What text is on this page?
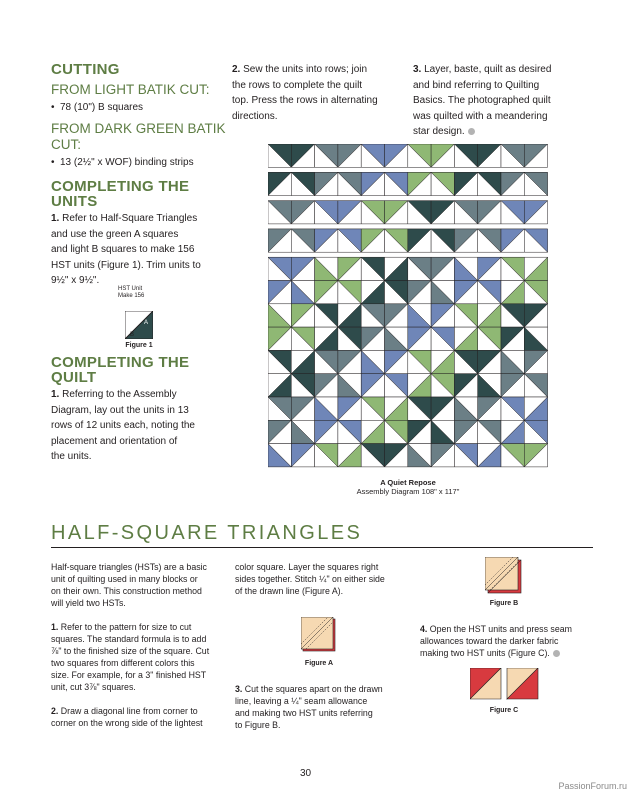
CUTTING

FROM LIGHT BATIK CUT:

• 78 (10") B squares

FROM DARK GREEN BATIK

CUT:

• 13 (2½" x WOF) binding strips

COMPLETING THE

UNITS

1. Refer to Half-Square Triangles

and use the green A squares

and light B squares to make 156

HST units (Figure 1). Trim units to

9½" x 9½".

HST Unit
Make 156
A
B
Figure 1

COMPLETING THE

QUILT

1. Referring to the Assembly

Diagram, lay out the units in 13

rows of 12 units each, noting the

placement and orientation of

the units.

2. Sew the units into rows; join

the rows to complete the quilt

top. Press the rows in alternating

directions.

3. Layer, baste, quilt as desired

and bind referring to Quilting

Basics. The photographed quilt

was quilted with a meandering

star design.

A Quiet Repose
Assembly Diagram 108" x 117"
HALF-SQUARE TRIANGLES

Half-square triangles (HSTs) are a basic

unit of quilting used in many blocks or

on their own. This construction method

will yield two HSTs.

1. Refer to the pattern for size to cut

squares. The standard formula is to add

⅞" to the finished size of the square. Cut

two squares from different colors this

size. For example, for a 3" finished HST

unit, cut 3⅞" squares.

2. Draw a diagonal line from corner to

corner on the wrong side of the lightest

color square. Layer the squares right

sides together. Stitch ¼" on either side

of the drawn line (Figure A).

Figure A

3. Cut the squares apart on the drawn

line, leaving a ¼" seam allowance

and making two HST units referring

to Figure B.

Figure B

4. Open the HST units and press seam

allowances toward the darker fabric

making two HST units (Figure C).

Figure C
30
PassionForum.ru
